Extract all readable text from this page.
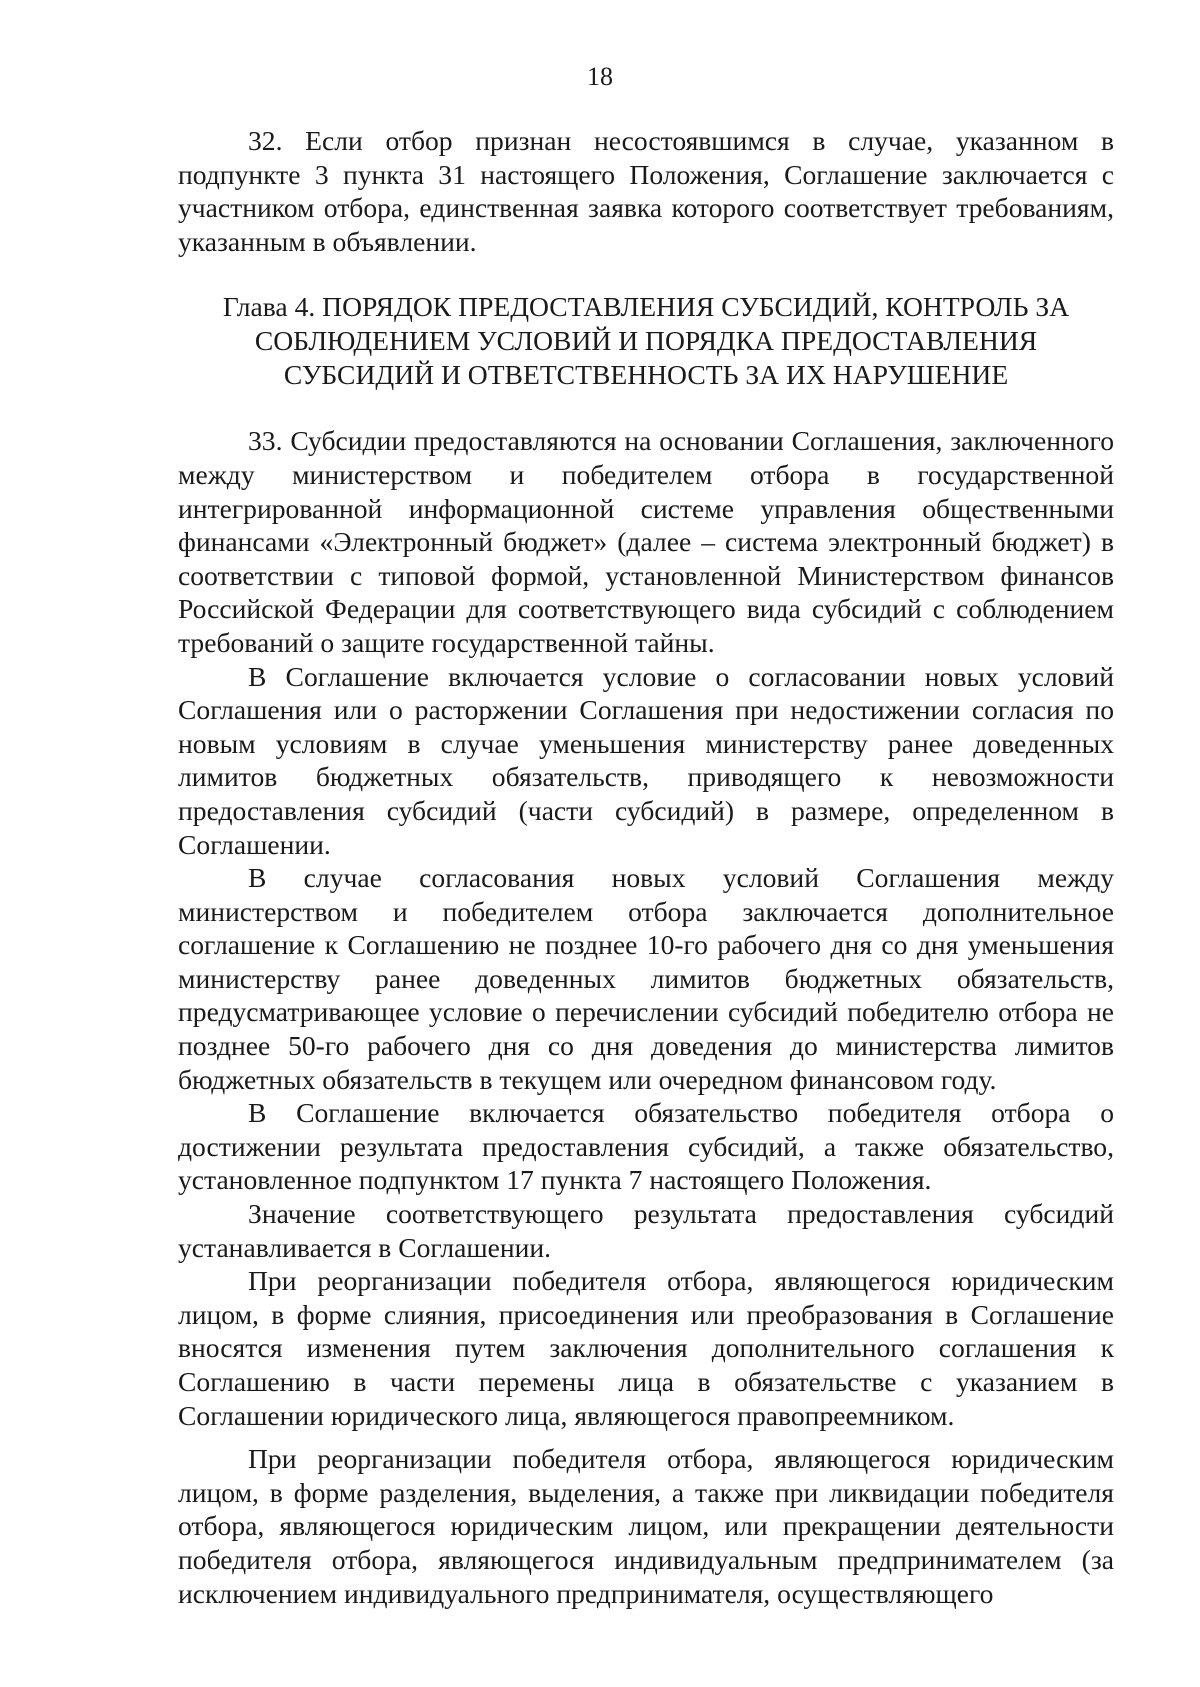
18

32. Если отбор признан несостоявшимся в случае, указанном в подпункте 3 пункта 31 настоящего Положения, Соглашение заключается с участником отбора, единственная заявка которого соответствует требованиям, указанным в объявлении.

Глава 4. ПОРЯДОК ПРЕДОСТАВЛЕНИЯ СУБСИДИЙ, КОНТРОЛЬ ЗА
СОБЛЮДЕНИЕМ УСЛОВИЙ И ПОРЯДКА ПРЕДОСТАВЛЕНИЯ
СУБСИДИЙ И ОТВЕТСТВЕННОСТЬ ЗА ИХ НАРУШЕНИЕ

33. Субсидии предоставляются на основании Соглашения, заключенного между министерством и победителем отбора в государственной интегрированной информационной системе управления общественными финансами «Электронный бюджет» (далее – система электронный бюджет) в соответствии с типовой формой, установленной Министерством финансов Российской Федерации для соответствующего вида субсидий с соблюдением требований о защите государственной тайны.

В Соглашение включается условие о согласовании новых условий Соглашения или о расторжении Соглашения при недостижении согласия по новым условиям в случае уменьшения министерству ранее доведенных лимитов бюджетных обязательств, приводящего к невозможности предоставления субсидий (части субсидий) в размере, определенном в Соглашении.

В случае согласования новых условий Соглашения между министерством и победителем отбора заключается дополнительное соглашение к Соглашению не позднее 10-го рабочего дня со дня уменьшения министерству ранее доведенных лимитов бюджетных обязательств, предусматривающее условие о перечислении субсидий победителю отбора не позднее 50-го рабочего дня со дня доведения до министерства лимитов бюджетных обязательств в текущем или очередном финансовом году.

В Соглашение включается обязательство победителя отбора о достижении результата предоставления субсидий, а также обязательство, установленное подпунктом 17 пункта 7 настоящего Положения.

Значение соответствующего результата предоставления субсидий устанавливается в Соглашении.

При реорганизации победителя отбора, являющегося юридическим лицом, в форме слияния, присоединения или преобразования в Соглашение вносятся изменения путем заключения дополнительного соглашения к Соглашению в части перемены лица в обязательстве с указанием в Соглашении юридического лица, являющегося правопреемником.

При реорганизации победителя отбора, являющегося юридическим лицом, в форме разделения, выделения, а также при ликвидации победителя отбора, являющегося юридическим лицом, или прекращении деятельности победителя отбора, являющегося индивидуальным предпринимателем (за исключением индивидуального предпринимателя, осуществляющего
